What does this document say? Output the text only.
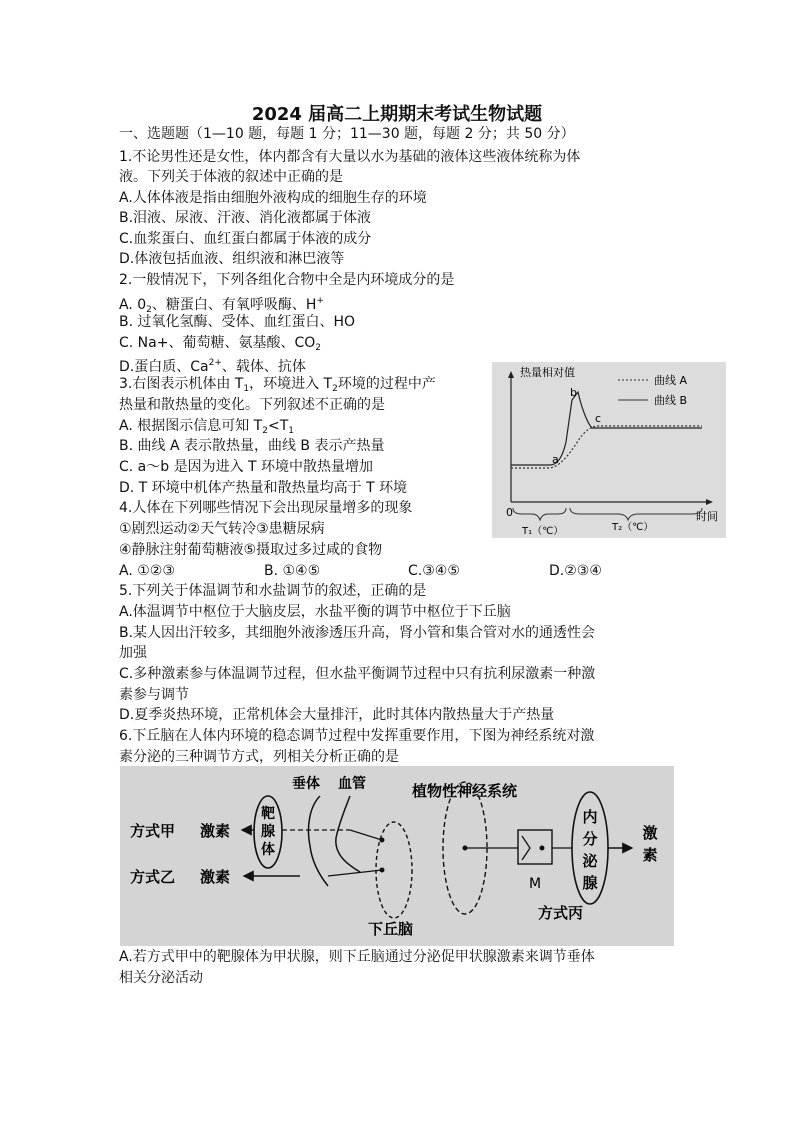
2024 届高二上期期末考试生物试题
一、选题题（1—10 题，每题 1 分；11—30 题，每题 2 分；共 50 分）
1.不论男性还是女性，体内都含有大量以水为基础的液体这些液体统称为体
液。下列关于体液的叙述中正确的是
A.人体体液是指由细胞外液构成的细胞生存的环境
B.泪液、尿液、汗液、消化液都属于体液
C.血浆蛋白、血红蛋白都属于体液的成分
D.体液包括血液、组织液和淋巴液等
2.一般情况下，下列各组化合物中全是内环境成分的是
A. $0_2$、糖蛋白、有氧呼吸酶、H+
B. 过氧化氢酶、受体、血红蛋白、HO
C. Na+、葡萄糖、氨基酸、$CO_2$
D.蛋白质、$Ca^{2+}$、载体、抗体
3.右图表示机体由 $T_1$，环境进入 $T_2$环境的过程中产
热量和散热量的变化。下列叙述不正确的是
A. 根据图示信息可知 $T_2<T_1$
B. 曲线 A 表示散热量，曲线 B 表示产热量
C. a～b 是因为进入 T 环境中散热量增加
D. T 环境中机体产热量和散热量均高于 T 环境
热量相对值
时间
0
曲线 A
曲线 B
a
b
c
T₁（℃）	T₂（℃）
4.人体在下列哪些情况下会出现尿量增多的现象
①剧烈运动②天气转冷③患糖尿病
④静脉注射葡萄糖液⑤摄取过多过咸的食物
A. ①②③	B. ①④⑤	C.③④⑤	D.②③④
5.下列关于体温调节和水盐调节的叙述，正确的是
A.体温调节中枢位于大脑皮层，水盐平衡的调节中枢位于下丘脑
B.某人因出汗较多，其细胞外液渗透压升高，肾小管和集合管对水的通透性会
加强
C.多种激素参与体温调节过程，但水盐平衡调节过程中只有抗利尿激素一种激
素参与调节
D.夏季炎热环境，正常机体会大量排汗，此时其体内散热量大于产热量
6.下丘脑在人体内环境的稳态调节过程中发挥重要作用，下图为神经系统对激
素分泌的三种调节方式，列相关分析正确的是
方式甲 激素
方式乙 激素
靶
腺
体
垂体 血管
下丘脑
植物性神经系统
M
内
分
泌
腺
激
素
方式丙
A.若方式甲中的靶腺体为甲状腺，则下丘脑通过分泌促甲状腺激素来调节垂体
相关分泌活动
